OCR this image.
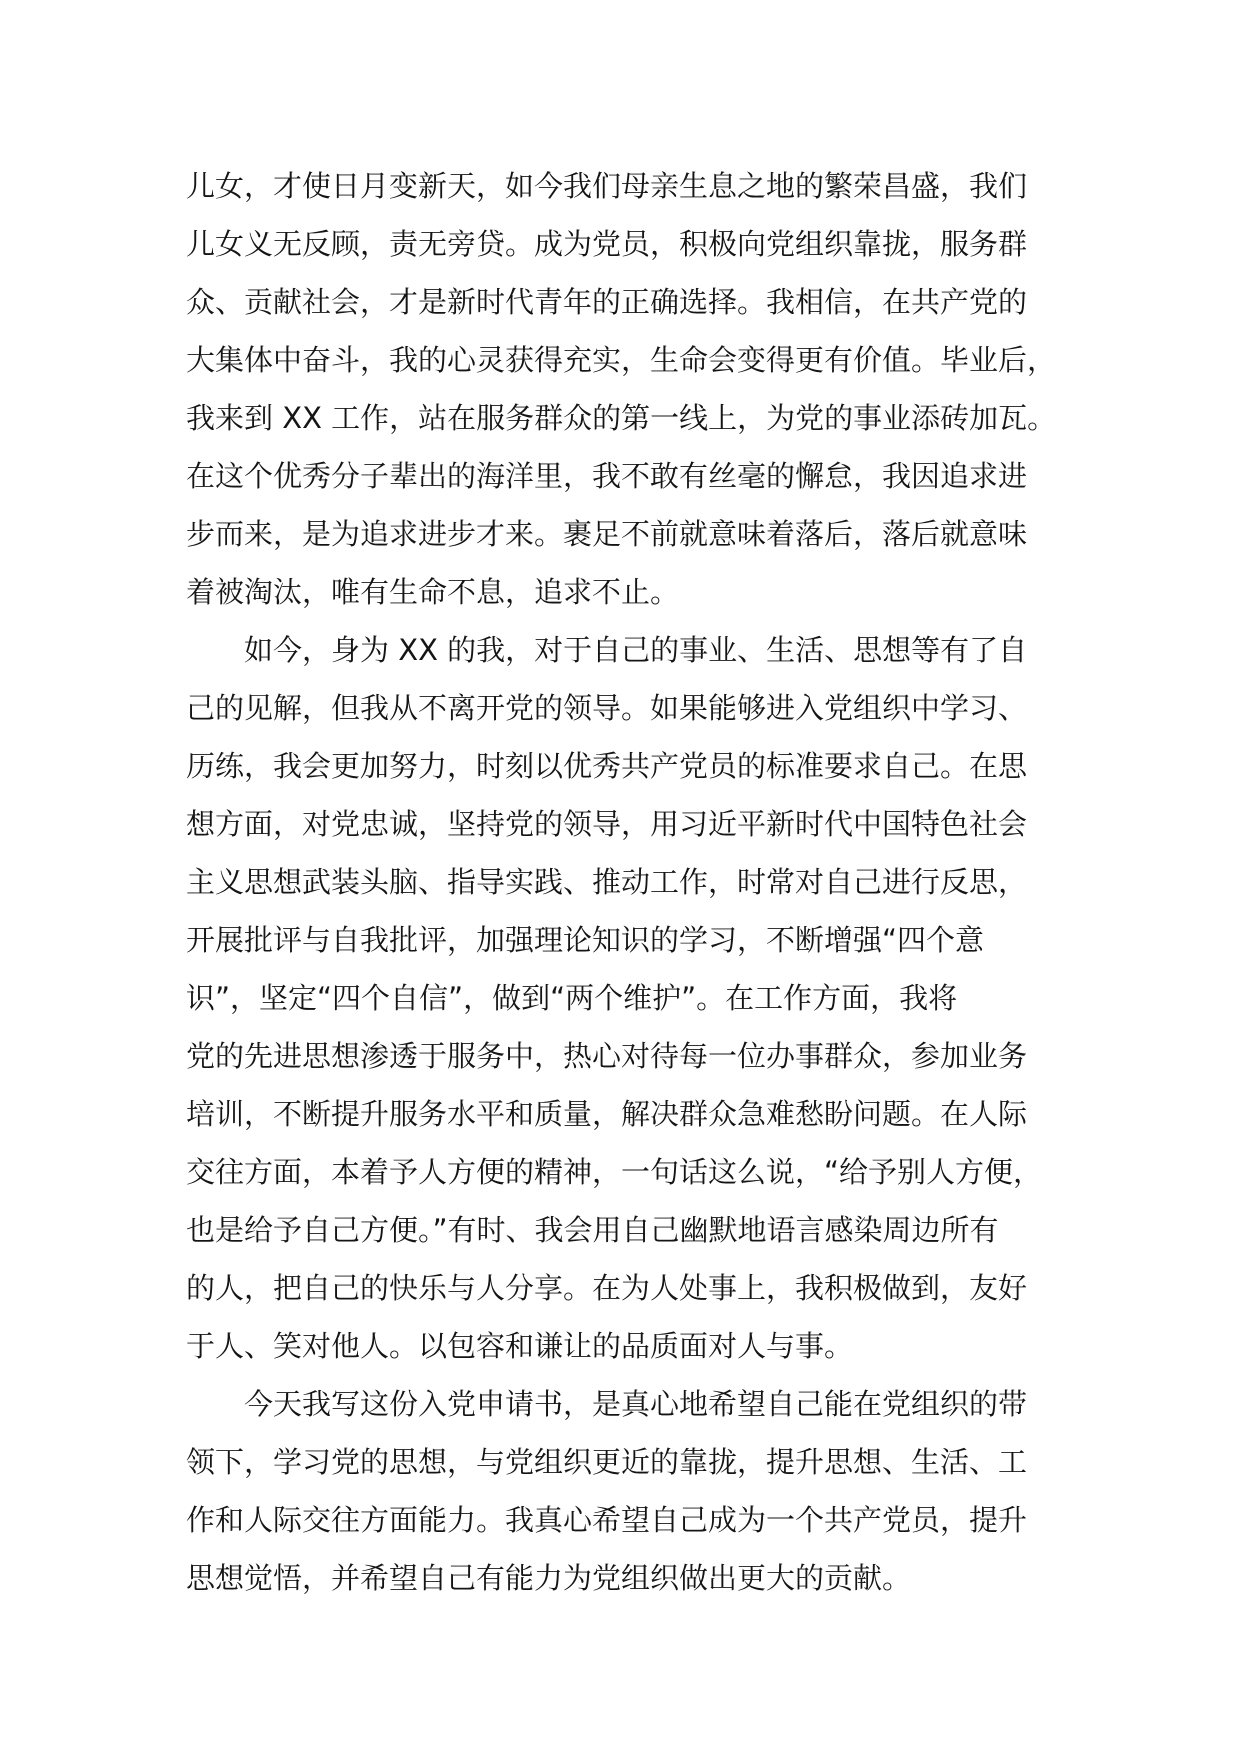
儿女，才使日月变新天，如今我们母亲生息之地的繁荣昌盛，我们
儿女义无反顾，责无旁贷。成为党员，积极向党组织靠拢，服务群
众、贡献社会，才是新时代青年的正确选择。我相信，在共产党的
大集体中奋斗，我的心灵获得充实，生命会变得更有价值。毕业后，
我来到 XX 工作，站在服务群众的第一线上，为党的事业添砖加瓦。
在这个优秀分子辈出的海洋里，我不敢有丝毫的懈怠，我因追求进
步而来，是为追求进步才来。裹足不前就意味着落后，落后就意味
着被淘汰，唯有生命不息，追求不止。
　　如今，身为 XX 的我，对于自己的事业、生活、思想等有了自
己的见解，但我从不离开党的领导。如果能够进入党组织中学习、
历练，我会更加努力，时刻以优秀共产党员的标准要求自己。在思
想方面，对党忠诚，坚持党的领导，用习近平新时代中国特色社会
主义思想武装头脑、指导实践、推动工作，时常对自己进行反思，
开展批评与自我批评，加强理论知识的学习，不断增强“四个意
识”，坚定“四个自信”，做到“两个维护”。在工作方面，我将
党的先进思想渗透于服务中，热心对待每一位办事群众，参加业务
培训，不断提升服务水平和质量，解决群众急难愁盼问题。在人际
交往方面，本着予人方便的精神，一句话这么说，“给予别人方便，
也是给予自己方便。”有时、我会用自己幽默地语言感染周边所有
的人，把自己的快乐与人分享。在为人处事上，我积极做到，友好
于人、笑对他人。以包容和谦让的品质面对人与事。
　　今天我写这份入党申请书，是真心地希望自己能在党组织的带
领下，学习党的思想，与党组织更近的靠拢，提升思想、生活、工
作和人际交往方面能力。我真心希望自己成为一个共产党员，提升
思想觉悟，并希望自己有能力为党组织做出更大的贡献。
